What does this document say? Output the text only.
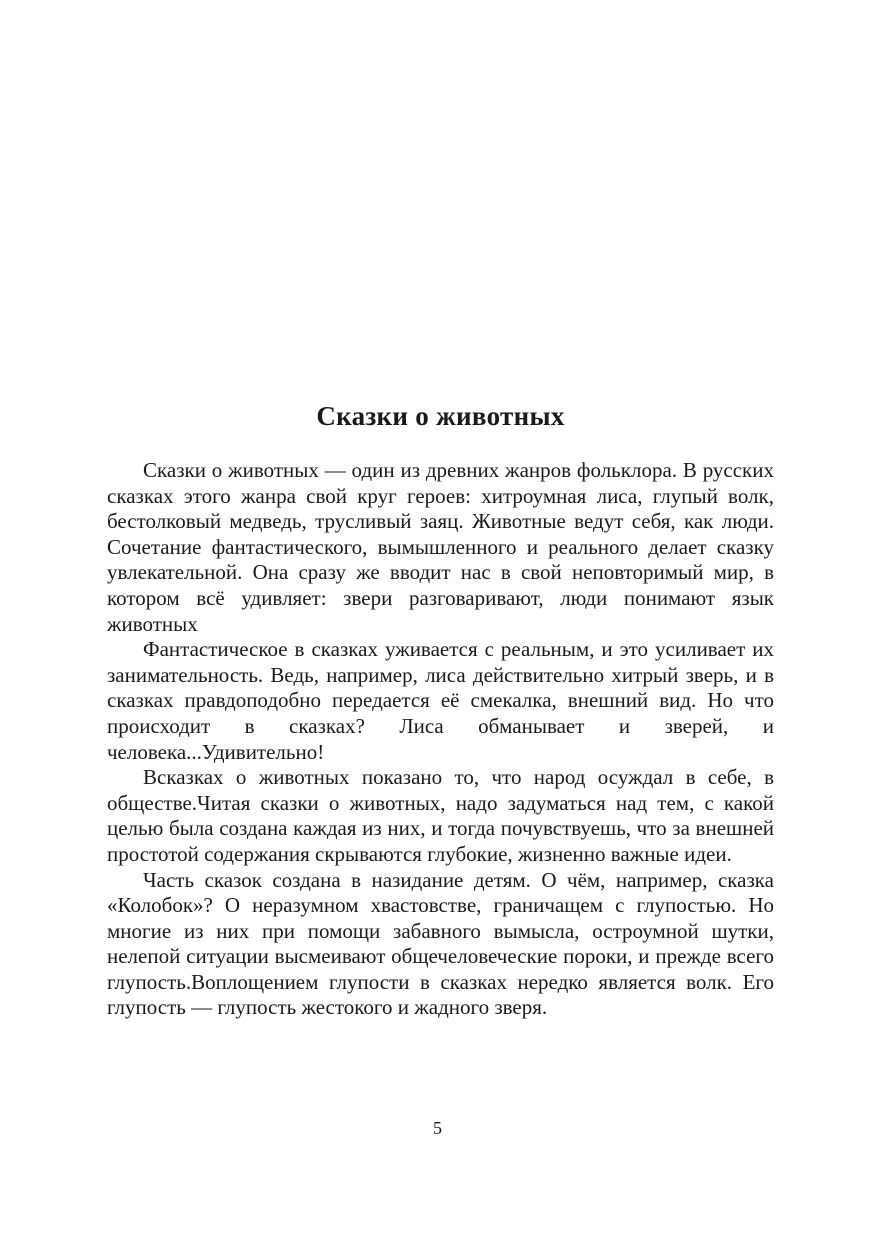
Сказки о животных

Сказки о животных — один из древних жанров фольклора. В русских сказках этого жанра свой круг героев: хитроумная лиса, глупый волк, бестолковый медведь, трусливый заяц. Животные ведут себя, как люди. Сочетание фантастического, вымышленного и реального делает сказку увлекательной. Она сразу же вводит нас в свой неповторимый мир, в котором всё удивляет: звери разговаривают, люди понимают язык животных

Фантастическое в сказках уживается с реальным, и это усиливает их занимательность. Ведь, например, лиса действительно хитрый зверь, и в сказках правдоподобно передается её смекалка, внешний вид. Но что происходит в сказках? Лиса обманывает и зверей, и человека...Удивительно!

Всказках о животных показано то, что народ осуждал в себе, в обществе.Читая сказки о животных, надо задуматься над тем, с какой целью была создана каждая из них, и тогда почувствуешь, что за внешней простотой содержания скрываются глубокие, жизненно важные идеи.

Часть сказок создана в назидание детям. О чём, например, сказка «Колобок»? О неразумном хвастовстве, граничащем с глупостью. Но многие из них при помощи забавного вымысла, остроумной шутки, нелепой ситуации высмеивают общечеловеческие пороки, и прежде всего глупость.Воплощением глупости в сказках нередко является волк. Его глупость — глупость жестокого и жадного зверя.

5
